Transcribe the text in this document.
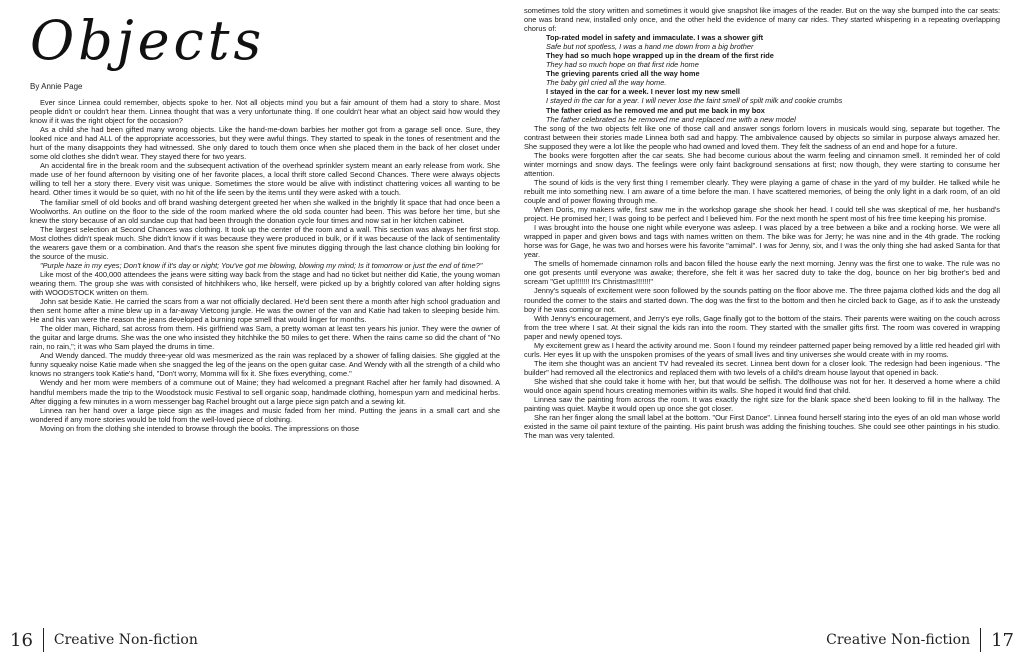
Objects
By Annie Page

Ever since Linnea could remember, objects spoke to her. Not all objects mind you but a fair amount of them had a story to share. Most people didn't or couldn't hear them. Linnea thought that was a very unfortunate thing. If one couldn't hear what an object said how would they know if it was the right object for the occasion?

As a child she had been gifted many wrong objects. Like the hand-me-down barbies her mother got from a garage sell once. Sure, they looked nice and had ALL of the appropriate accessories, but they were awful things. They started to speak in the tones of resentment and the hurt of the many disappoints they had witnessed. She only dared to touch them once when she placed them in the back of her closet under some old clothes she didn't wear. They stayed there for two years.

An accidental fire in the break room and the subsequent activation of the overhead sprinkler system meant an early release from work. She made use of her found afternoon by visiting one of her favorite places, a local thrift store called Second Chances. There were always objects willing to tell her a story there. Every visit was unique. Sometimes the store would be alive with indistinct chattering voices all wanting to be heard. Other times it would be so quiet, with no hit of the life seen by the items until they were asked with a touch.

The familiar smell of old books and off brand washing detergent greeted her when she walked in the brightly lit space that had once been a Woolworths. An outline on the floor to the side of the room marked where the old soda counter had been. This was before her time, but she knew the story because of an old sundae cup that had been through the donation cycle four times and now sat in her kitchen cabinet.

The largest selection at Second Chances was clothing. It took up the center of the room and a wall. This section was always her first stop. Most clothes didn't speak much. She didn't know if it was because they were produced in bulk, or if it was because of the lack of sentimentality the wearers gave them or a combination. And that's the reason she spent five minutes digging through the last chance clothing bin looking for the source of the music.

"Purple haze in my eyes; Don't know if it's day or night; You've got me blowing, blowing my mind; Is it tomorrow or just the end of time?"

Like most of the 400,000 attendees the jeans were sitting way back from the stage and had no ticket but neither did Katie, the young woman wearing them. The group she was with consisted of hitchhikers who, like herself, were picked up by a brightly colored van after holding signs with WOODSTOCK written on them.

John sat beside Katie. He carried the scars from a war not officially declared. He'd been sent there a month after high school graduation and then sent home after a mine blew up in a far-away Vietcong jungle. He was the owner of the van and Katie had taken to sleeping beside him. He and his van were the reason the jeans developed a burning rope smell that would linger for months.

The older man, Richard, sat across from them. His girlfriend was Sam, a pretty woman at least ten years his junior. They were the owner of the guitar and large drums. She was the one who insisted they hitchhike the 50 miles to get there. When the rains came so did the chant of "No rain, no rain,"; it was who Sam played the drums in time.

And Wendy danced. The muddy three-year old was mesmerized as the rain was replaced by a shower of falling daisies. She giggled at the funny squeaky noise Katie made when she snagged the leg of the jeans on the open guitar case. And Wendy with all the strength of a child who knows no strangers took Katie's hand, "Don't worry, Momma will fix it. She fixes everything, come."

Wendy and her mom were members of a commune out of Maine; they had welcomed a pregnant Rachel after her family had disowned. A handful members made the trip to the Woodstock music Festival to sell organic soap, handmade clothing, homespun yarn and medicinal herbs. After digging a few minutes in a worn messenger bag Rachel brought out a large piece sign patch and a sewing kit.

Linnea ran her hand over a large piece sign as the images and music faded from her mind. Putting the jeans in a small cart and she wondered if any more stories would be told from the well-loved piece of clothing.

Moving on from the clothing she intended to browse through the books. The impressions on those

16 Creative Non-fiction

sometimes told the story written and sometimes it would give snapshot like images of the reader. But on the way she bumped into the car seats: one was brand new, installed only once, and the other held the evidence of many car rides. They started whispering in a repeating overlapping chorus of:

Top-rated model in safety and immaculate. I was a shower gift
Safe but not spotless, I was a hand me down from a big brother
They had so much hope wrapped up in the dream of the first ride
They had so much hope on that first ride home
The grieving parents cried all the way home
The baby girl cried all the way home.
I stayed in the car for a week. I never lost my new smell
I stayed in the car for a year. I will never lose the faint smell of spilt milk and cookie crumbs
The father cried as he removed me and put me back in my box
The father celebrated as he removed me and replaced me with a new model

The song of the two objects felt like one of those call and answer songs forlorn lovers in musicals would sing, separate but together. The contrast between their stories made Linnea both sad and happy. The ambivalence caused by objects so similar in purpose always amazed her. She supposed they were a lot like the people who had owned and loved them. They felt the sadness of an end and hope for a future.

The books were forgotten after the car seats. She had become curious about the warm feeling and cinnamon smell. It reminded her of cold winter mornings and snow days. The feelings were only faint background sensations at first; now though, they were starting to consume her attention.

The sound of kids is the very first thing I remember clearly. They were playing a game of chase in the yard of my builder. He talked while he rebuilt me into something new. I am aware of a time before the man. I have scattered memories, of being the only light in a dark room, of an old couple and of power flowing through me.

When Doris, my makers wife, first saw me in the workshop garage she shook her head. I could tell she was skeptical of me, her husband's project. He promised her; I was going to be perfect and I believed him. For the next month he spent most of his free time keeping his promise.

I was brought into the house one night while everyone was asleep. I was placed by a tree between a bike and a rocking horse. We were all wrapped in paper and given bows and tags with names written on them. The bike was for Jerry; he was nine and in the 4th grade. The rocking horse was for Gage, he was two and horses were his favorite "amimal". I was for Jenny, six, and I was the only thing she had asked Santa for that year.

The smells of homemade cinnamon rolls and bacon filled the house early the next morning. Jenny was the first one to wake. The rule was no one got presents until everyone was awake; therefore, she felt it was her sacred duty to take the dog, bounce on her big brother's bed and scream "Get up!!!!!!! It's Christmas!!!!!!!"

Jenny's squeals of excitement were soon followed by the sounds patting on the floor above me. The three pajama clothed kids and the dog all rounded the corner to the stairs and started down. The dog was the first to the bottom and then he circled back to Gage, as if to ask the unsteady boy if he was coming or not.

With Jenny's encouragement, and Jerry's eye rolls, Gage finally got to the bottom of the stairs. Their parents were waiting on the couch across from the tree where I sat. At their signal the kids ran into the room. They started with the smaller gifts first. The room was covered in wrapping paper and newly opened toys.

My excitement grew as I heard the activity around me. Soon I found my reindeer patterned paper being removed by a little red headed girl with curls. Her eyes lit up with the unspoken promises of the years of small lives and tiny universes she would create with in my rooms.

The item she thought was an ancient TV had revealed its secret. Linnea bent down for a closer look. The redesign had been ingenious. "The builder" had removed all the electronics and replaced them with two levels of a child's dream house layout that opened in back.

She wished that she could take it home with her, but that would be selfish. The dollhouse was not for her. It deserved a home where a child would once again spend hours creating memories within its walls. She hoped it would find that child.

Linnea saw the painting from across the room. It was exactly the right size for the blank space she'd been looking to fill in the hallway. The painting was quiet. Maybe it would open up once she got closer.

She ran her finger along the small label at the bottom. "Our First Dance". Linnea found herself staring into the eyes of an old man whose world existed in the same oil paint texture of the painting. His paint brush was adding the finishing touches. She could see other paintings in his studio. The man was very talented.

Creative Non-fiction 17
